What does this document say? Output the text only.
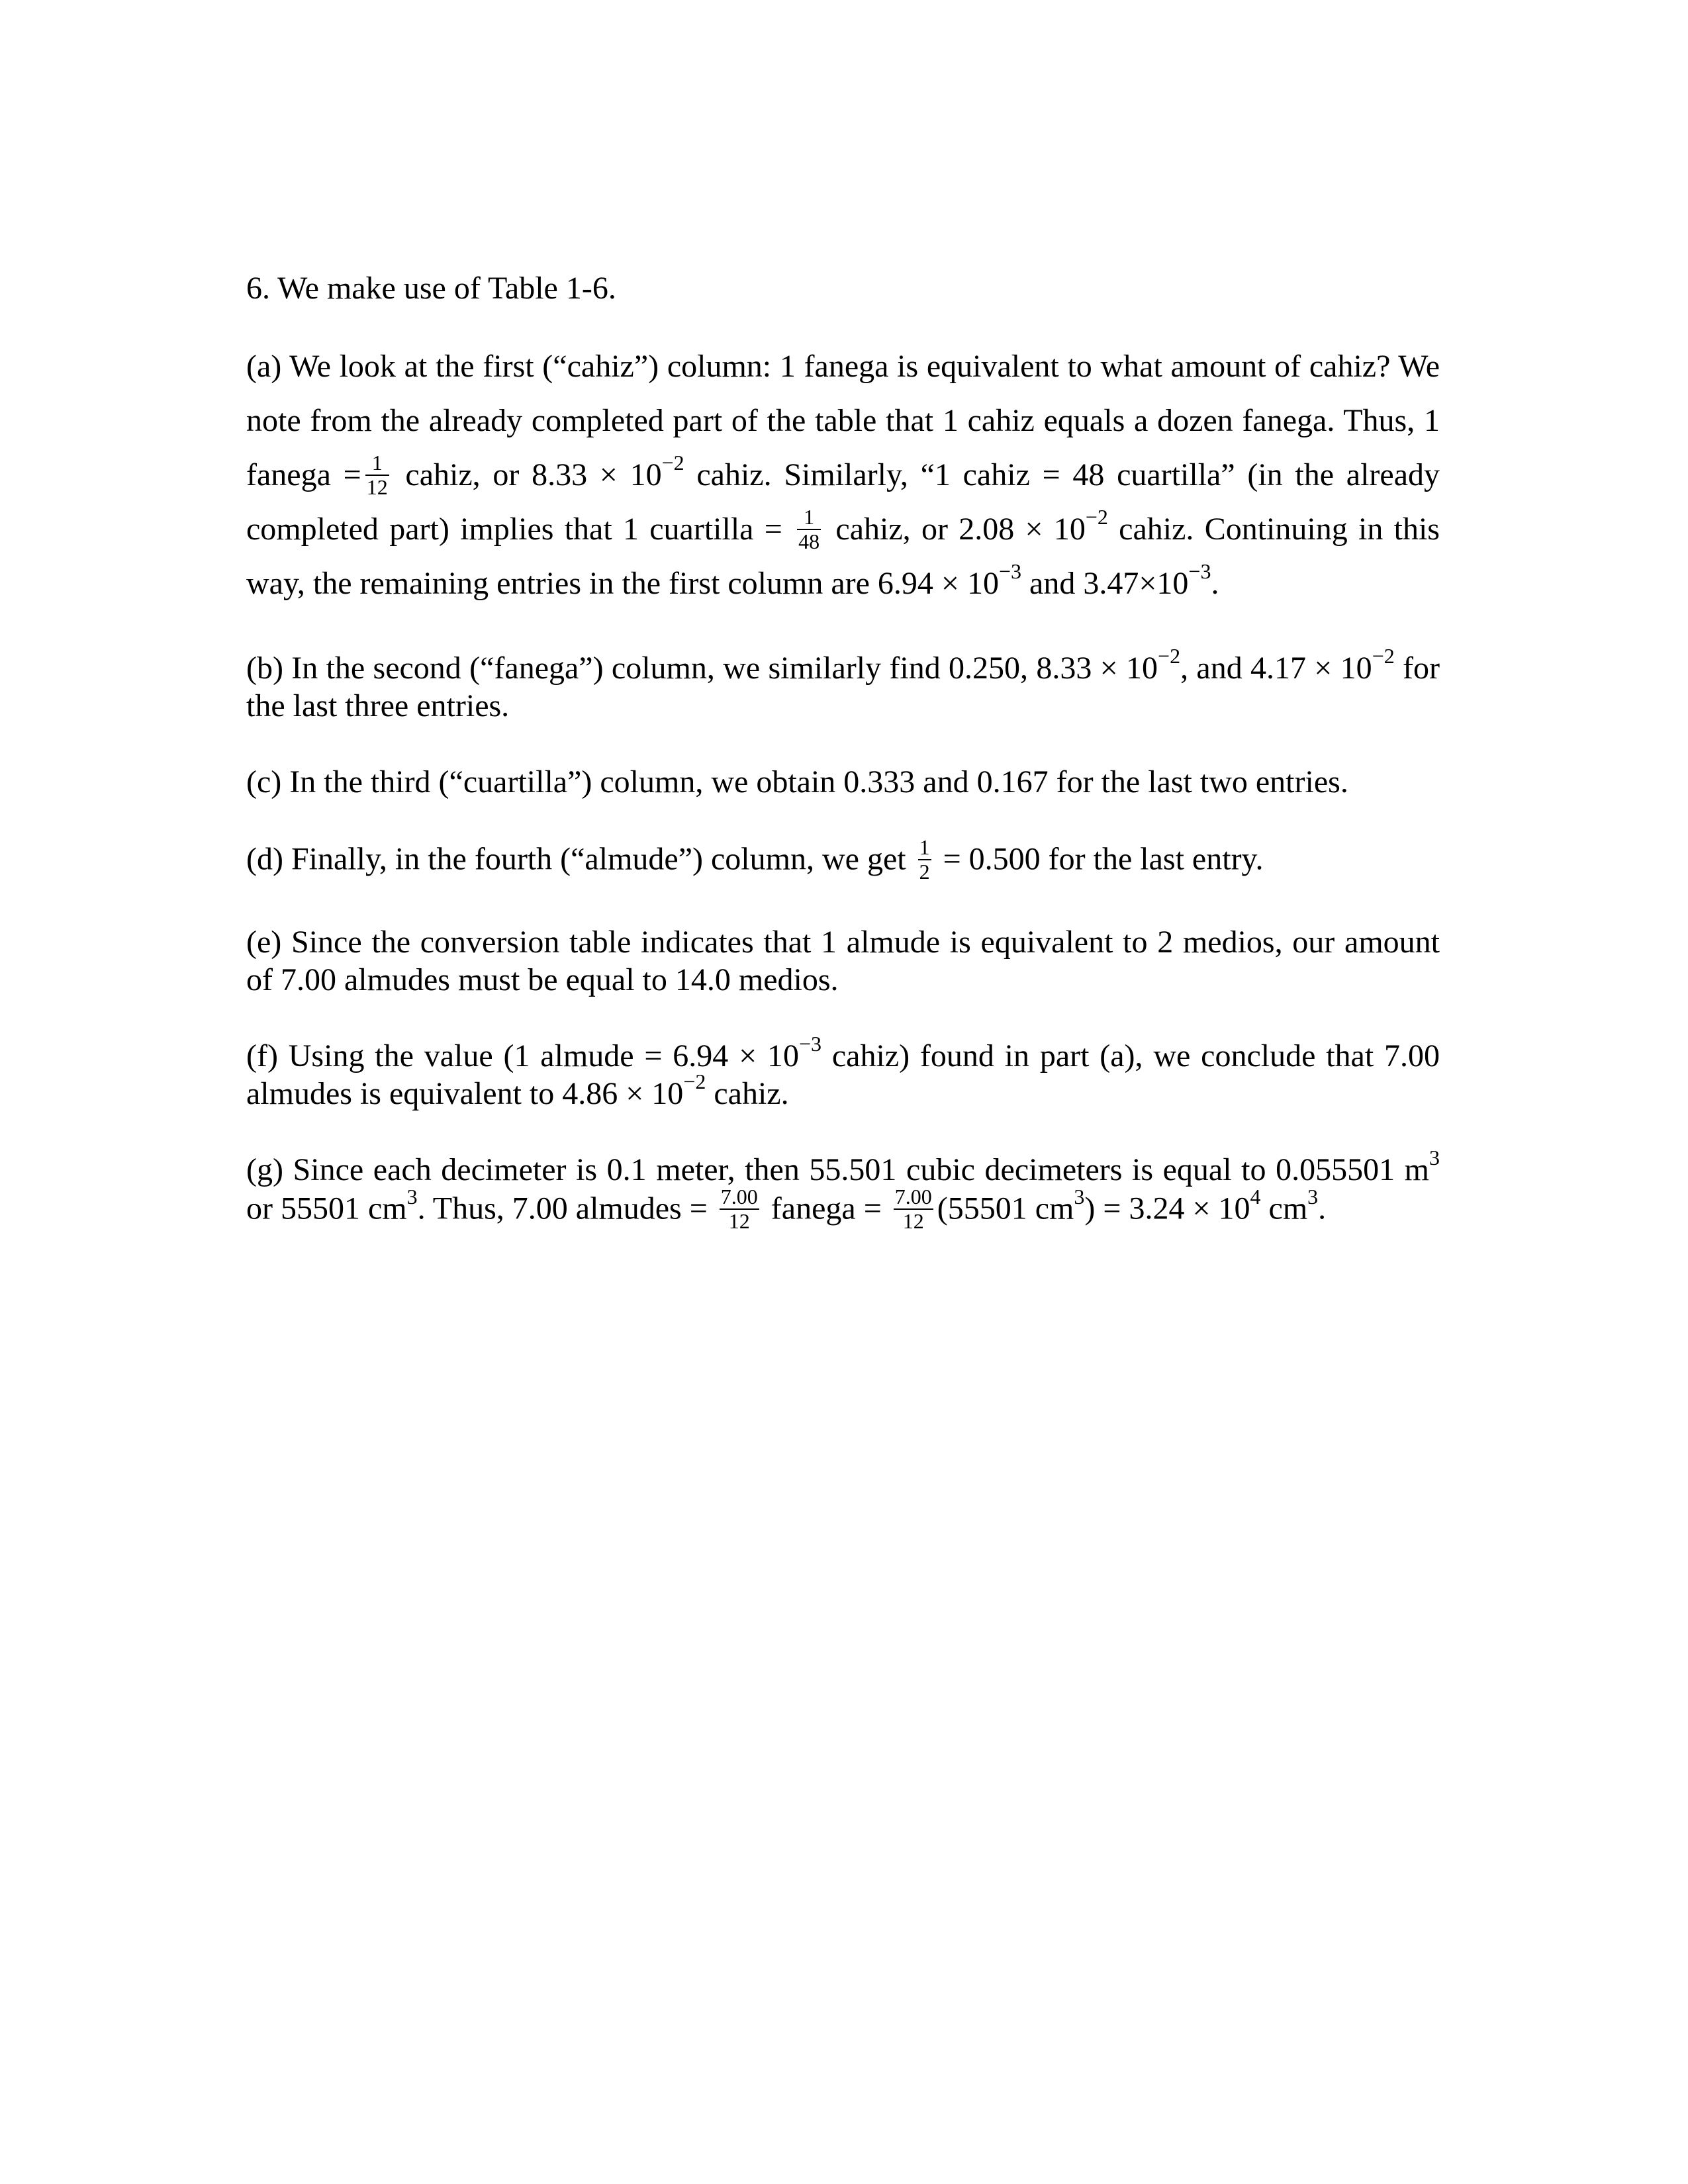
6. We make use of Table 1-6.

(a) We look at the first (“cahiz”) column: 1 fanega is equivalent to what amount of cahiz? We note from the already completed part of the table that 1 cahiz equals a dozen fanega. Thus, 1 fanega = $\frac{1}{12}$ cahiz, or $8.33 \times 10^{-2}$ cahiz. Similarly, “1 cahiz = 48 cuartilla” (in the already completed part) implies that 1 cuartilla = $\frac{1}{48}$ cahiz, or $2.08 \times 10^{-2}$ cahiz. Continuing in this way, the remaining entries in the first column are $6.94 \times 10^{-3}$ and $3.47\times 10^{-3}$.

(b) In the second (“fanega”) column, we similarly find 0.250, $8.33 \times 10^{-2}$, and $4.17 \times 10^{-2}$ for the last three entries.

(c) In the third (“cuartilla”) column, we obtain 0.333 and 0.167 for the last two entries.

(d) Finally, in the fourth (“almude”) column, we get $\frac{1}{2} = 0.500$ for the last entry.

(e) Since the conversion table indicates that 1 almude is equivalent to 2 medios, our amount of 7.00 almudes must be equal to 14.0 medios.

(f) Using the value (1 almude = $6.94 \times 10^{-3}$ cahiz) found in part (a), we conclude that 7.00 almudes is equivalent to $4.86 \times 10^{-2}$ cahiz.

(g) Since each decimeter is 0.1 meter, then 55.501 cubic decimeters is equal to 0.055501 $m^3$ or 55501 $cm^3$. Thus, 7.00 almudes = $\frac{7.00}{12}$ fanega = $\frac{7.00}{12} (55501$ $cm^3) = 3.24 \times 10^4$ $cm^3$.
